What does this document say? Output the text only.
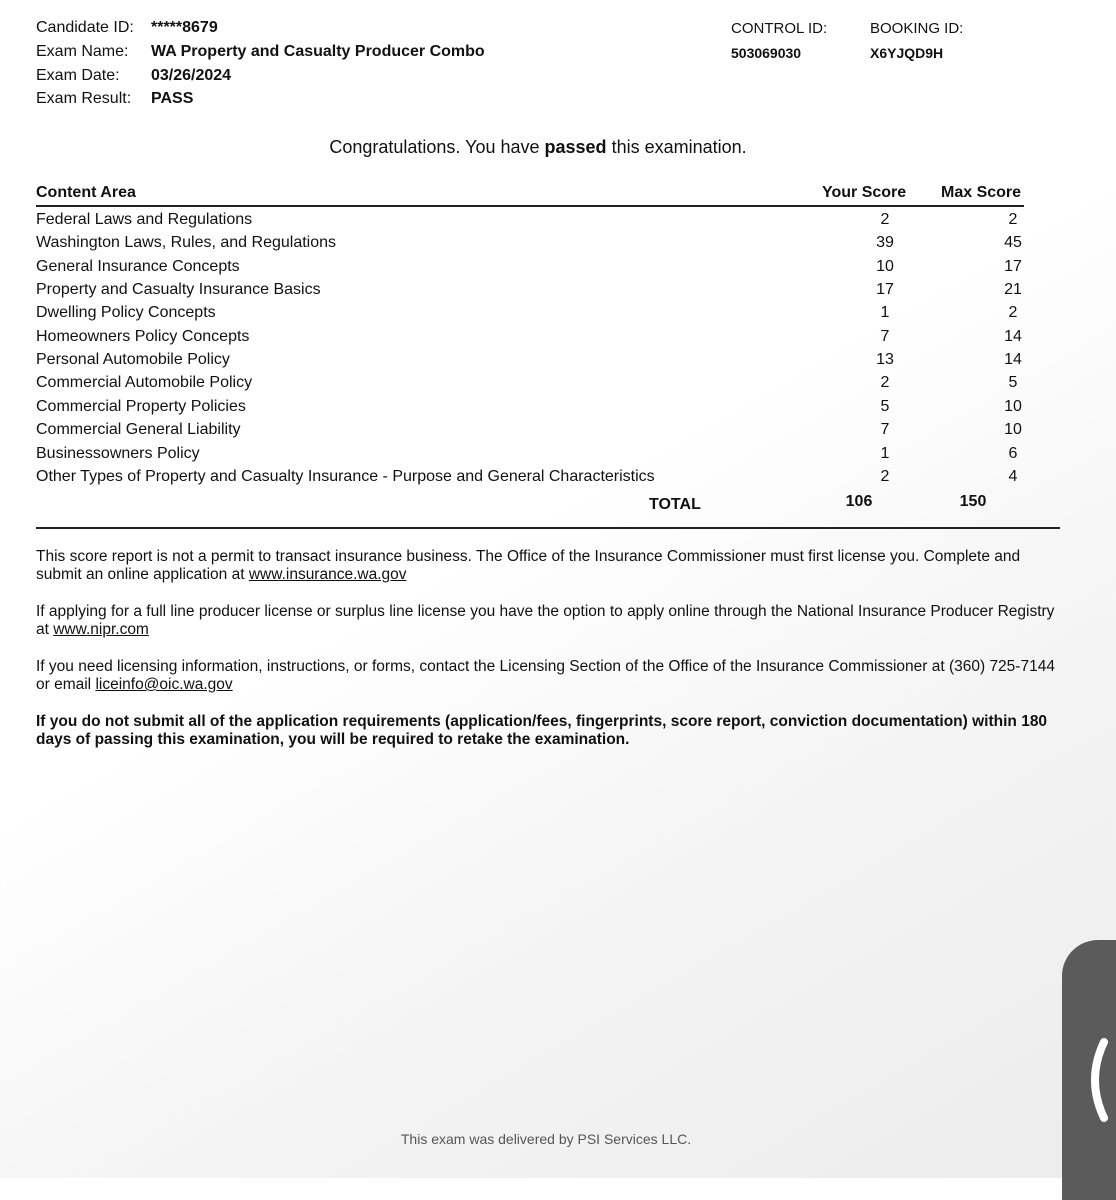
Candidate ID: *****8679
Exam Name: WA Property and Casualty Producer Combo
Exam Date: 03/26/2024
Exam Result: PASS
CONTROL ID:
503069030
BOOKING ID:
X6YJQD9H
Congratulations. You have passed this examination.
Content Area	Your Score Max Score
Federal Laws and Regulations	2	2
Washington Laws, Rules, and Regulations	39	45
General Insurance Concepts	10	17
Property and Casualty Insurance Basics	17	21
Dwelling Policy Concepts	1	2
Homeowners Policy Concepts	7	14
Personal Automobile Policy	13	14
Commercial Automobile Policy	2	5
Commercial Property Policies	5	10
Commercial General Liability	7	10
Businessowners Policy	1	6
Other Types of Property and Casualty Insurance - Purpose and General Characteristics	2	4
TOTAL	106	150
This score report is not a permit to transact insurance business. The Office of the Insurance Commissioner must first license you. Complete and submit an online application at www.insurance.wa.gov
If applying for a full line producer license or surplus line license you have the option to apply online through the National Insurance Producer Registry at www.nipr.com
If you need licensing information, instructions, or forms, contact the Licensing Section of the Office of the Insurance Commissioner at (360) 725-7144 or email liceinfo@oic.wa.gov
If you do not submit all of the application requirements (application/fees, fingerprints, score report, conviction documentation) within 180 days of passing this examination, you will be required to retake the examination.
This exam was delivered by PSI Services LLC.
